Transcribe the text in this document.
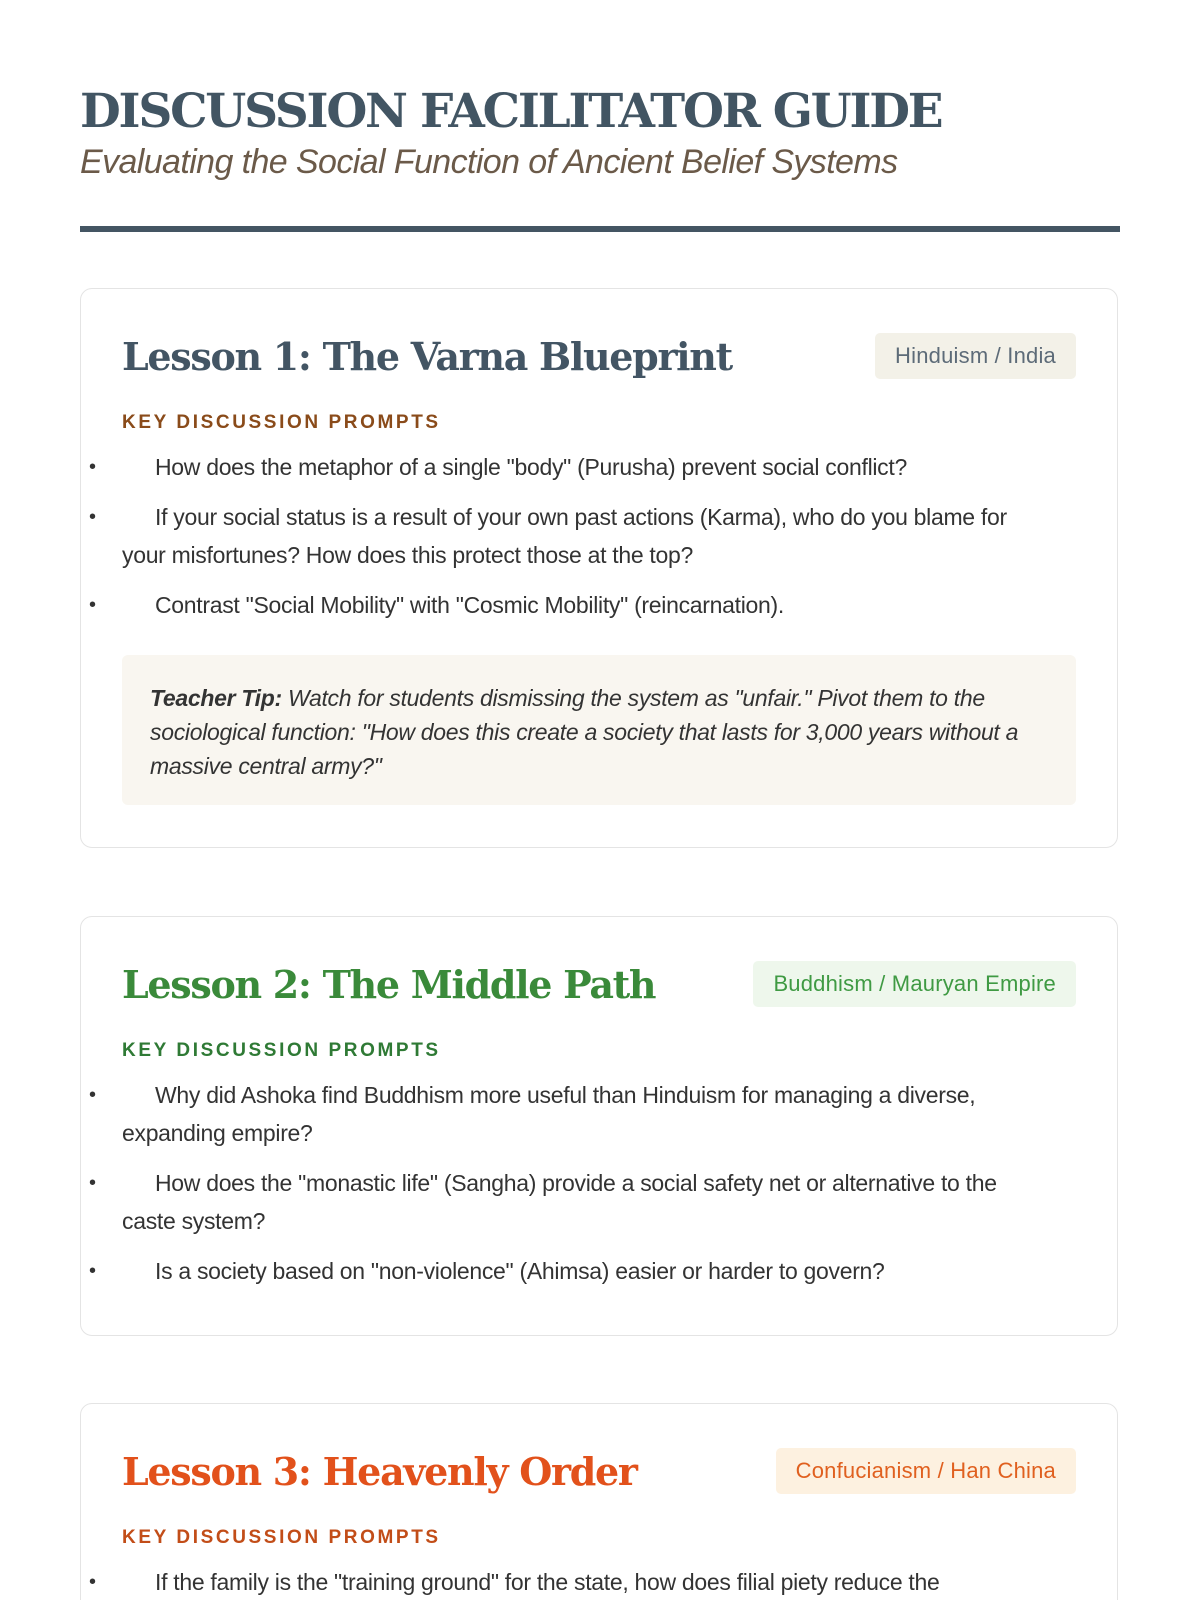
DISCUSSION FACILITATOR GUIDE

Evaluating the Social Function of Ancient Belief Systems

Lesson 1: The Varna Blueprint	Hinduism / India
KEY DISCUSSION PROMPTS
• How does the metaphor of a single "body" (Purusha) prevent social conflict?
• If your social status is a result of your own past actions (Karma), who do you blame for your misfortunes? How does this protect those at the top?
• Contrast "Social Mobility" with "Cosmic Mobility" (reincarnation).
Teacher Tip: Watch for students dismissing the system as "unfair." Pivot them to the sociological function: "How does this create a society that lasts for 3,000 years without a massive central army?"
Lesson 2: The Middle Path	Buddhism / Mauryan Empire
KEY DISCUSSION PROMPTS
• Why did Ashoka find Buddhism more useful than Hinduism for managing a diverse, expanding empire?
• How does the "monastic life" (Sangha) provide a social safety net or alternative to the caste system?
• Is a society based on "non-violence" (Ahimsa) easier or harder to govern?
Lesson 3: Heavenly Order	Confucianism / Han China
KEY DISCUSSION PROMPTS
• If the family is the "training ground" for the state, how does filial piety reduce the
